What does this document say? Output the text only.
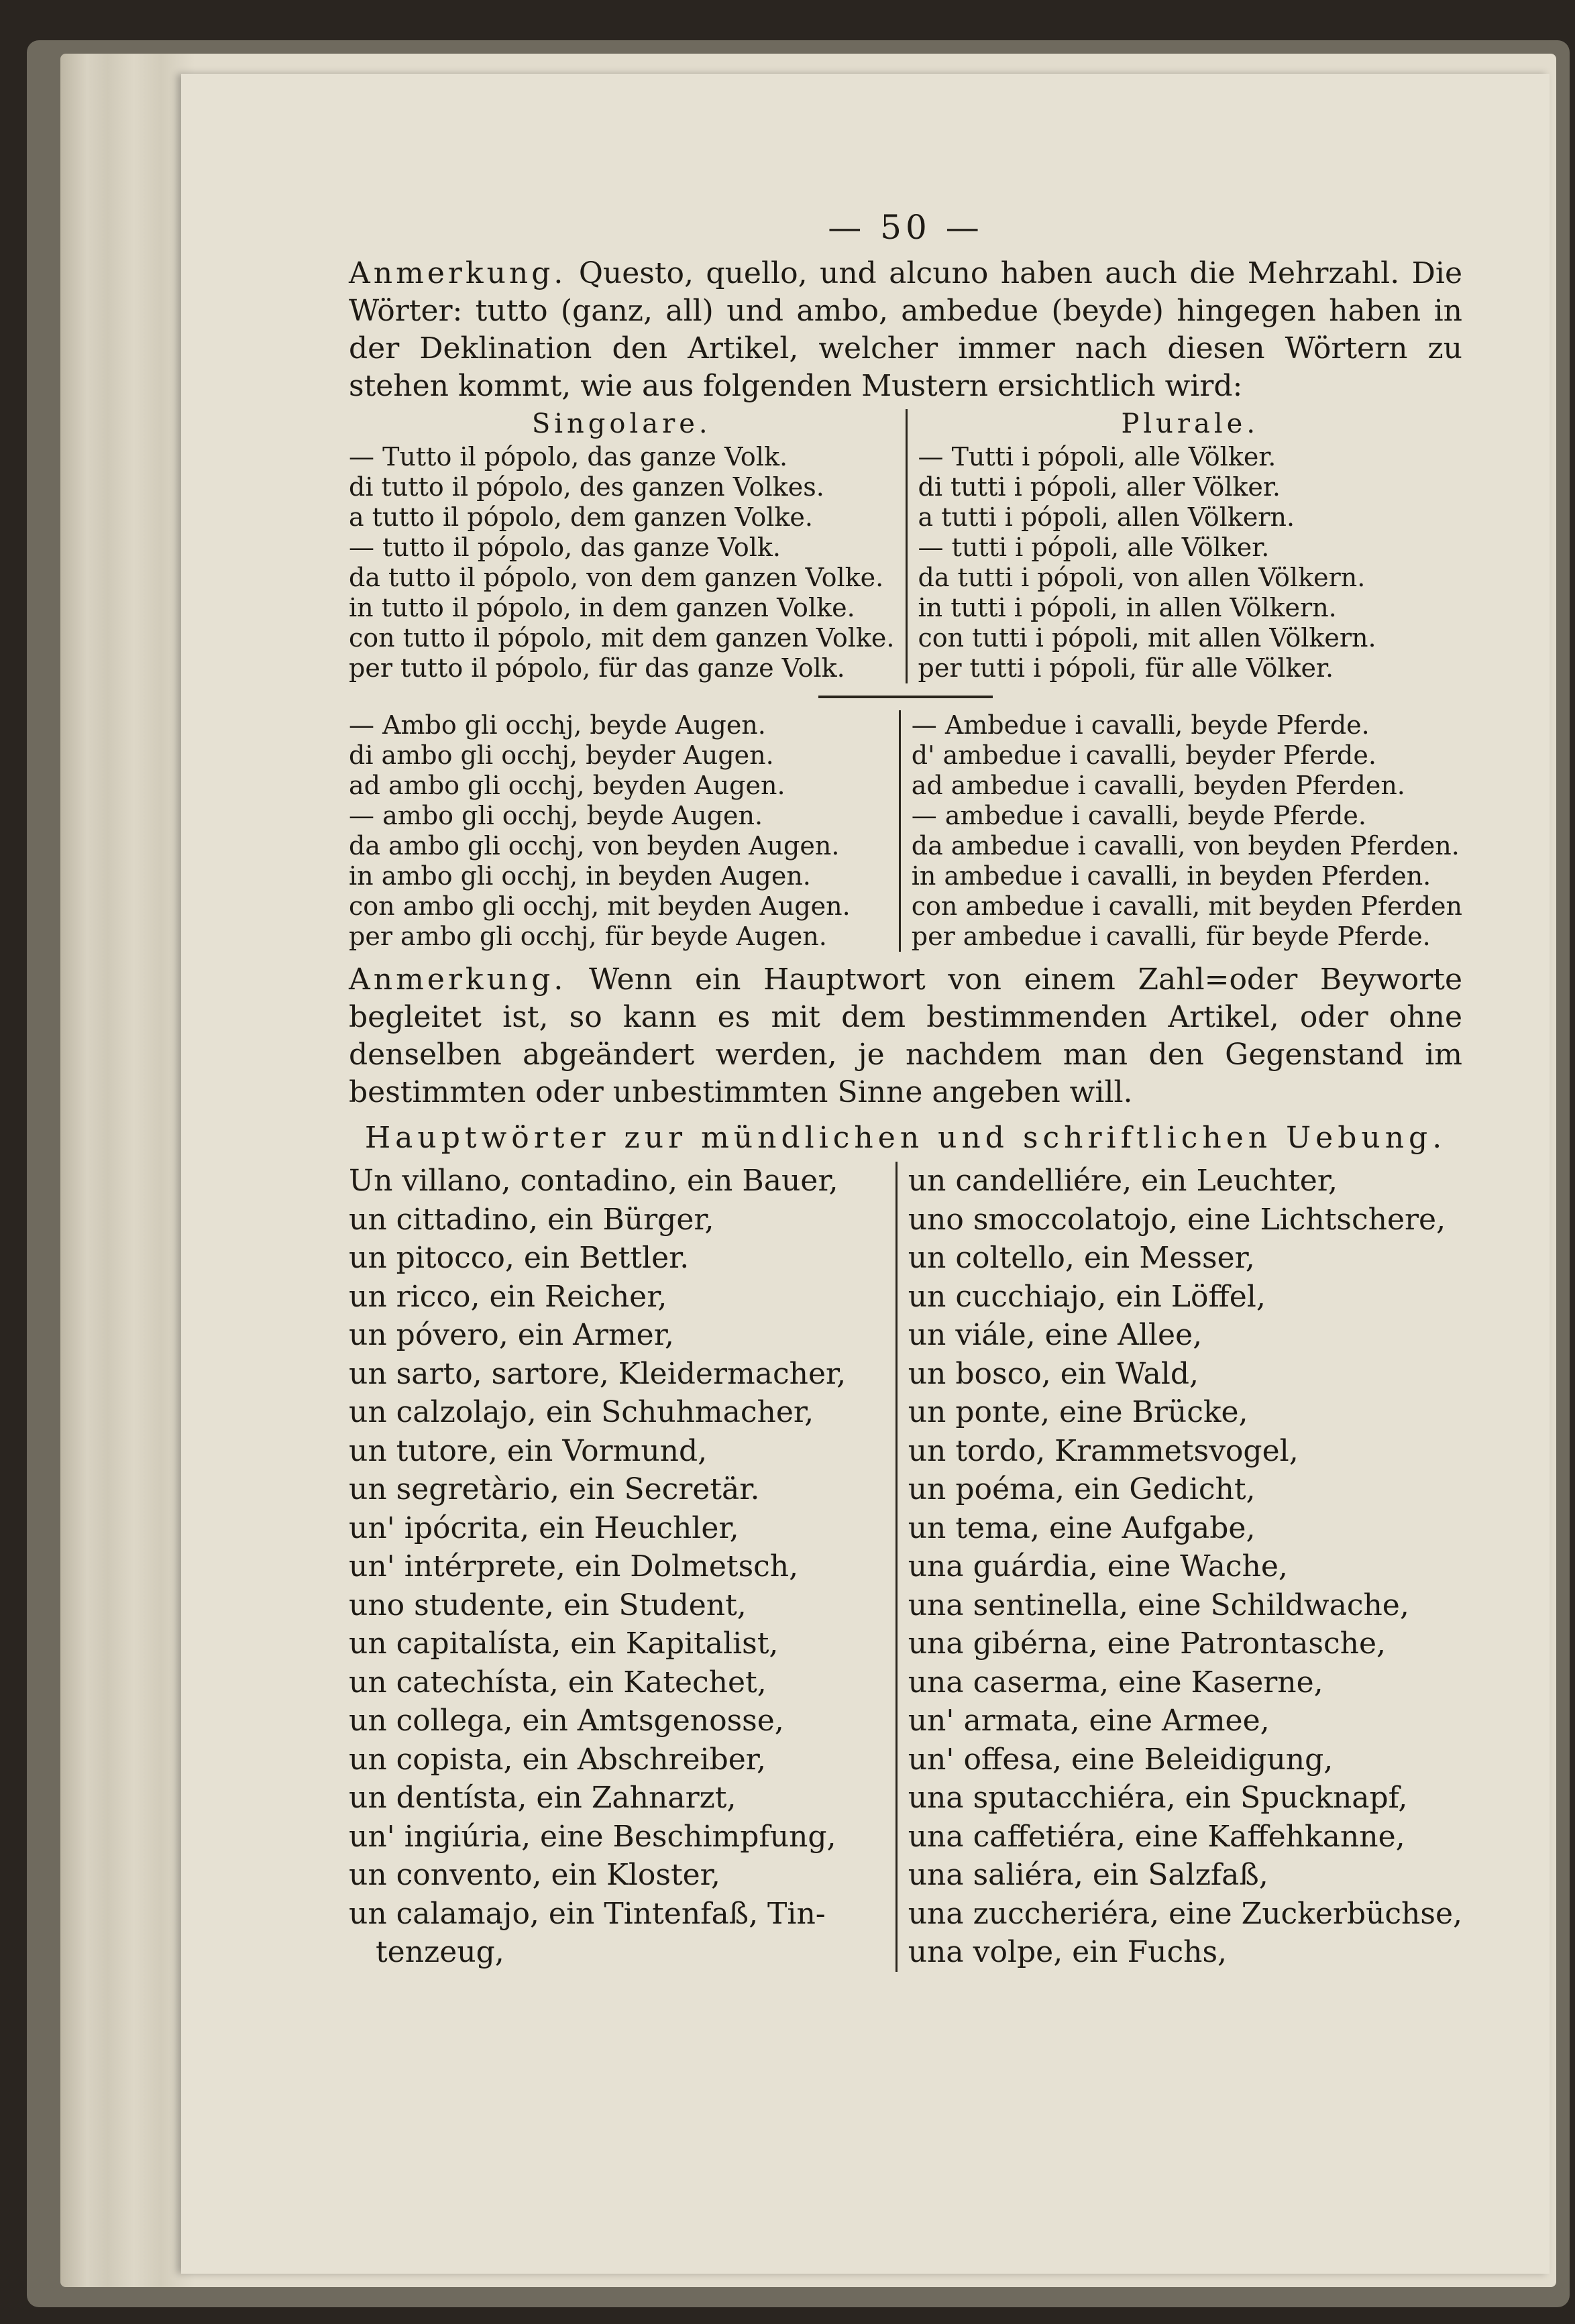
— 50 —

Anmerkung. Questo, quello, und alcuno haben auch die Mehrzahl. Die Wörter: tutto (ganz, all) und ambo, ambedue (beyde) hingegen haben in der Deklination den Artikel, welcher immer nach diesen Wörtern zu stehen kommt, wie aus folgenden Mustern ersichtlich wird:

Singolare.
— Tutto il pópolo, das ganze Volk.
di tutto il pópolo, des ganzen Volkes.
a tutto il pópolo, dem ganzen Volke.
— tutto il pópolo, das ganze Volk.
da tutto il pópolo, von dem ganzen Volke.
in tutto il pópolo, in dem ganzen Volke.
con tutto il pópolo, mit dem ganzen Volke.
per tutto il pópolo, für das ganze Volk.
Plurale.
— Tutti i pópoli, alle Völker.
di tutti i pópoli, aller Völker.
a tutti i pópoli, allen Völkern.
— tutti i pópoli, alle Völker.
da tutti i pópoli, von allen Völkern.
in tutti i pópoli, in allen Völkern.
con tutti i pópoli, mit allen Völkern.
per tutti i pópoli, für alle Völker.
— Ambo gli occhj, beyde Augen.
di ambo gli occhj, beyder Augen.
ad ambo gli occhj, beyden Augen.
— ambo gli occhj, beyde Augen.
da ambo gli occhj, von beyden Augen.
in ambo gli occhj, in beyden Augen.
con ambo gli occhj, mit beyden Augen.
per ambo gli occhj, für beyde Augen.
— Ambedue i cavalli, beyde Pferde.
d' ambedue i cavalli, beyder Pferde.
ad ambedue i cavalli, beyden Pferden.
— ambedue i cavalli, beyde Pferde.
da ambedue i cavalli, von beyden Pferden.
in ambedue i cavalli, in beyden Pferden.
con ambedue i cavalli, mit beyden Pferden
per ambedue i cavalli, für beyde Pferde.

Anmerkung. Wenn ein Hauptwort von einem Zahl=oder Beyworte begleitet ist, so kann es mit dem bestimmenden Artikel, oder ohne denselben abgeändert werden, je nachdem man den Gegenstand im bestimmten oder unbestimmten Sinne angeben will.

Hauptwörter zur mündlichen und schriftlichen Uebung.
Un villano, contadino, ein Bauer,
un cittadino, ein Bürger,
un pitocco, ein Bettler.
un ricco, ein Reicher,
un póvero, ein Armer,
un sarto, sartore, Kleidermacher,
un calzolajo, ein Schuhmacher,
un tutore, ein Vormund,
un segretàrio, ein Secretär.
un' ipócrita, ein Heuchler,
un' intérprete, ein Dolmetsch,
uno studente, ein Student,
un capitalísta, ein Kapitalist,
un catechísta, ein Katechet,
un collega, ein Amtsgenosse,
un copista, ein Abschreiber,
un dentísta, ein Zahnarzt,
un' ingiúria, eine Beschimpfung,
un convento, ein Kloster,
un calamajo, ein Tintenfaß, Tin-
tenzeug,
un candelliére, ein Leuchter,
uno smoccolatojo, eine Lichtschere,
un coltello, ein Messer,
un cucchiajo, ein Löffel,
un viále, eine Allee,
un bosco, ein Wald,
un ponte, eine Brücke,
un tordo, Krammetsvogel,
un poéma, ein Gedicht,
un tema, eine Aufgabe,
una guárdia, eine Wache,
una sentinella, eine Schildwache,
una gibérna, eine Patrontasche,
una caserma, eine Kaserne,
un' armata, eine Armee,
un' offesa, eine Beleidigung,
una sputacchiéra, ein Spucknapf,
una caffetiéra, eine Kaffehkanne,
una saliéra, ein Salzfaß,
una zuccheriéra, eine Zuckerbüchse,
una volpe, ein Fuchs,
